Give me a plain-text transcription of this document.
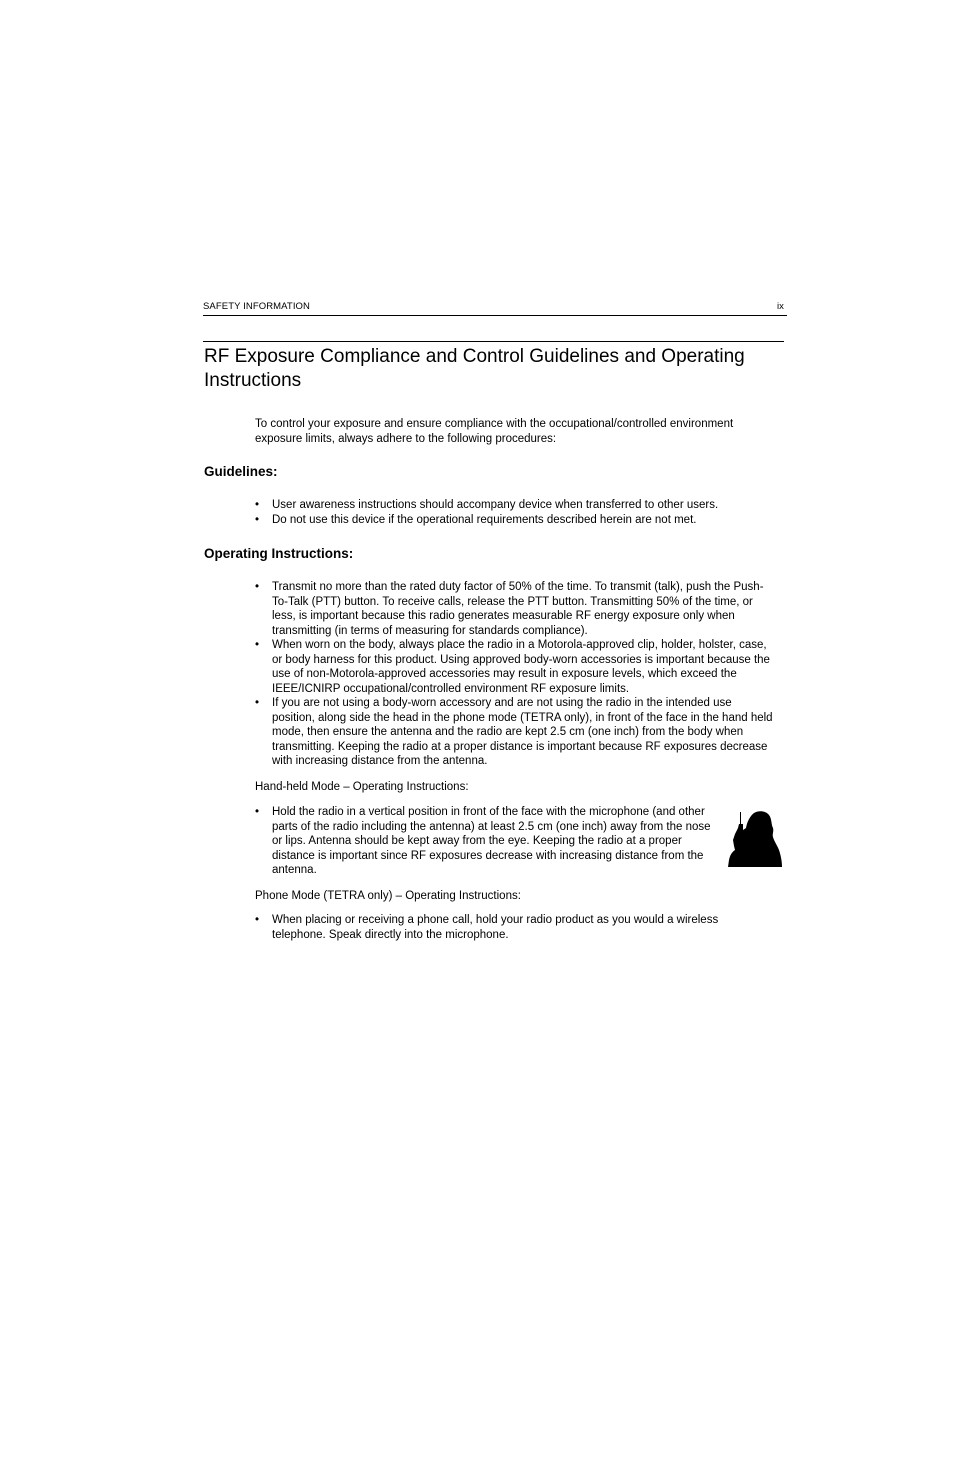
SAFETY INFORMATION	ix
RF Exposure Compliance and Control Guidelines and Operating Instructions

To control your exposure and ensure compliance with the occupational/controlled environment exposure limits, always adhere to the following procedures:

Guidelines:
• User awareness instructions should accompany device when transferred to other users.
• Do not use this device if the operational requirements described herein are not met.
Operating Instructions:
• Transmit no more than the rated duty factor of 50% of the time. To transmit (talk), push the Push-To-Talk (PTT) button. To receive calls, release the PTT button. Transmitting 50% of the time, or less, is important because this radio generates measurable RF energy exposure only when transmitting (in terms of measuring for standards compliance).
• When worn on the body, always place the radio in a Motorola-approved clip, holder, holster, case, or body harness for this product. Using approved body-worn accessories is important because the use of non-Motorola-approved accessories may result in exposure levels, which exceed the IEEE/ICNIRP occupational/controlled environment RF exposure limits.
• If you are not using a body-worn accessory and are not using the radio in the intended use position, along side the head in the phone mode (TETRA only), in front of the face in the hand held mode, then ensure the antenna and the radio are kept 2.5 cm (one inch) from the body when transmitting. Keeping the radio at a proper distance is important because RF exposures decrease with increasing distance from the antenna.

Hand-held Mode – Operating Instructions:

• Hold the radio in a vertical position in front of the face with the microphone (and other parts of the radio including the antenna) at least 2.5 cm (one inch) away from the nose or lips. Antenna should be kept away from the eye. Keeping the radio at a proper distance is important since RF exposures decrease with increasing distance from the antenna.

Phone Mode (TETRA only) – Operating Instructions:

• When placing or receiving a phone call, hold your radio product as you would a wireless telephone. Speak directly into the microphone.
